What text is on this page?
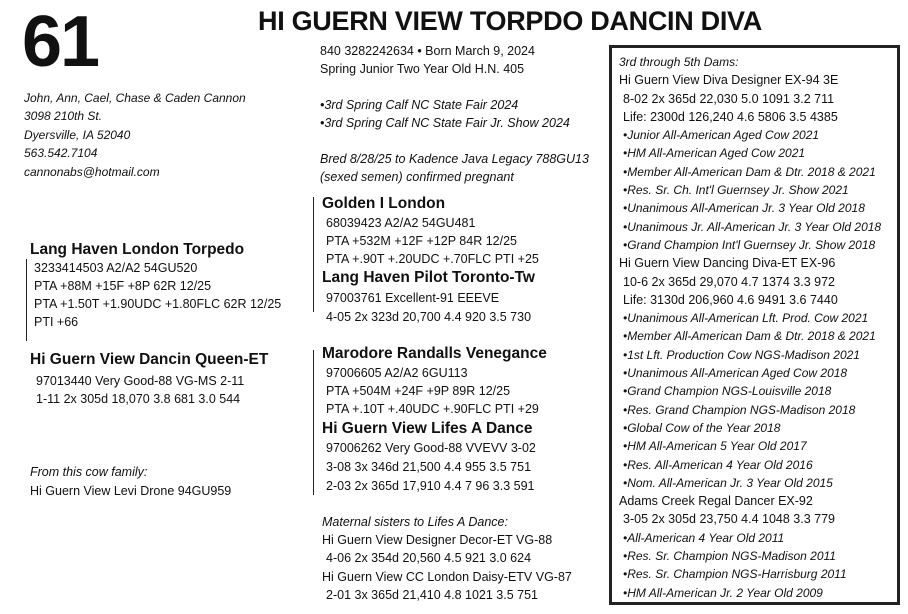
61	HI GUERN VIEW TORPDO DANCIN DIVA
John, Ann, Cael, Chase & Caden Cannon
3098 210th St.
Dyersville, IA 52040
563.542.7104
cannonabs@hotmail.com
840 3282242634 • Born March 9, 2024
Spring Junior Two Year Old H.N. 405
•3rd Spring Calf NC State Fair 2024
•3rd Spring Calf NC State Fair Jr. Show 2024
Bred 8/28/25 to Kadence Java Legacy 788GU13
(sexed semen) confirmed pregnant
Lang Haven London Torpedo
3233414503 A2/A2 54GU520
PTA +88M +15F +8P 62R 12/25
PTA +1.50T +1.90UDC +1.80FLC 62R 12/25
PTI +66
Hi Guern View Dancin Queen-ET
97013440 Very Good-88 VG-MS 2-11
1-11 2x 305d 18,070 3.8 681 3.0 544
From this cow family:
Hi Guern View Levi Drone 94GU959
Golden I London
68039423 A2/A2 54GU481
PTA +532M +12F +12P 84R 12/25
PTA +.90T +.20UDC +.70FLC PTI +25
Lang Haven Pilot Toronto-Tw
97003761 Excellent-91 EEEVE
4-05 2x 323d 20,700 4.4 920 3.5 730
Marodore Randalls Venegance
97006605 A2/A2 6GU113
PTA +504M +24F +9P 89R 12/25
PTA +.10T +.40UDC +.90FLC PTI +29
Hi Guern View Lifes A Dance
97006262 Very Good-88 VVEVV 3-02
3-08 3x 346d 21,500 4.4 955 3.5 751
2-03 2x 365d 17,910 4.4 7 96 3.3 591
Maternal sisters to Lifes A Dance:
Hi Guern View Designer Decor-ET VG-88
4-06 2x 354d 20,560 4.5 921 3.0 624
Hi Guern View CC London Daisy-ETV VG-87
2-01 3x 365d 21,410 4.8 1021 3.5 751
3rd through 5th Dams:
Hi Guern View Diva Designer EX-94 3E
8-02 2x 365d 22,030 5.0 1091 3.2 711
Life: 2300d 126,240 4.6 5806 3.5 4385
•Junior All-American Aged Cow 2021
•HM All-American Aged Cow 2021
•Member All-American Dam & Dtr. 2018 & 2021
•Res. Sr. Ch. Int'l Guernsey Jr. Show 2021
•Unanimous All-American Jr. 3 Year Old 2018
•Unanimous Jr. All-American Jr. 3 Year Old 2018
•Grand Champion Int'l Guernsey Jr. Show 2018
Hi Guern View Dancing Diva-ET EX-96
10-6 2x 365d 29,070 4.7 1374 3.3 972
Life: 3130d 206,960 4.6 9491 3.6 7440
•Unanimous All-American Lft. Prod. Cow 2021
•Member All-American Dam & Dtr. 2018 & 2021
•1st Lft. Production Cow NGS-Madison 2021
•Unanimous All-American Aged Cow 2018
•Grand Champion NGS-Louisville 2018
•Res. Grand Champion NGS-Madison 2018
•Global Cow of the Year 2018
•HM All-American 5 Year Old 2017
•Res. All-American 4 Year Old 2016
•Nom. All-American Jr. 3 Year Old 2015
Adams Creek Regal Dancer EX-92
3-05 2x 305d 23,750 4.4 1048 3.3 779
•All-American 4 Year Old 2011
•Res. Sr. Champion NGS-Madison 2011
•Res. Sr. Champion NGS-Harrisburg 2011
•HM All-American Jr. 2 Year Old 2009
